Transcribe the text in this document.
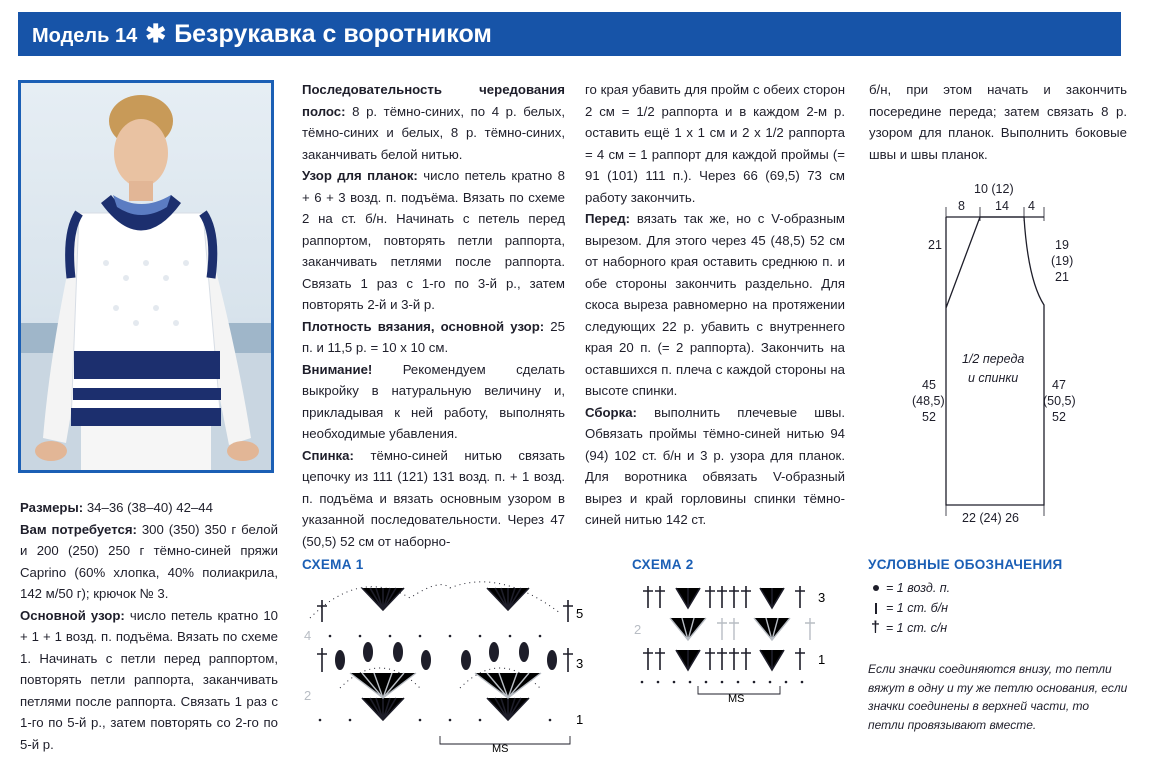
Модель 14 ✱ Безрукавка с воротником

Размеры: 34–36 (38–40) 42–44

Вам потребуется: 300 (350) 350 г белой и 200 (250) 250 г тёмно-синей пряжи Caprino (60% хлопка, 40% полиакрила, 142 м/50 г); крючок № 3.

Основной узор: число петель кратно 10 + 1 + 1 возд. п. подъёма. Вязать по схеме 1. Начинать с петли перед раппортом, повторять петли раппорта, заканчивать петлями после раппорта. Связать 1 раз с 1-го по 5-й р., затем повторять со 2-го по 5-й р.

Последовательность чередования полос: 8 р. тёмно-синих, по 4 р. белых, тёмно-синих и белых, 8 р. тёмно-синих, заканчивать белой нитью.

Узор для планок: число петель кратно 8 + 6 + 3 возд. п. подъёма. Вязать по схеме 2 на ст. б/н. Начинать с петель перед раппортом, повторять петли раппорта, заканчивать петлями после раппорта. Связать 1 раз с 1-го по 3-й р., затем повторять 2-й и 3-й р.

Плотность вязания, основной узор: 25 п. и 11,5 р. = 10 х 10 см.

Внимание! Рекомендуем сделать выкройку в натуральную величину и, прикладывая к ней работу, выполнять необходимые убавления.

Спинка: тёмно-синей нитью связать цепочку из 111 (121) 131 возд. п. + 1 возд. п. подъёма и вязать основным узором в указанной последовательности. Через 47 (50,5) 52 см от наборно-

го края убавить для пройм с обеих сторон 2 см = 1/2 раппорта и в каждом 2-м р. оставить ещё 1 х 1 см и 2 х 1/2 раппорта = 4 см = 1 раппорт для каждой проймы (= 91 (101) 111 п.). Через 66 (69,5) 73 см работу закончить.

Перед: вязать так же, но с V-образным вырезом. Для этого через 45 (48,5) 52 см от наборного края оставить среднюю п. и обе стороны закончить раздельно. Для скоса выреза равномерно на протяжении следующих 22 р. убавить с внутреннего края 20 п. (= 2 раппорта). Закончить на оставшихся п. плеча с каждой стороны на высоте спинки.

Сборка: выполнить плечевые швы. Обвязать проймы тёмно-синей нитью 94 (94) 102 ст. б/н и 3 р. узора для планок. Для воротника обвязать V-образный вырез и край горловины спинки тёмно-синей нитью 142 ст.

б/н, при этом начать и закончить посередине переда; затем связать 8 р. узором для планок. Выполнить боковые швы и швы планок.

10 (12)
8 14 4
21	19
(19)
21
1/2 переда
и спинки
45
(48,5)
52
47
(50,5)
52
22 (24) 26
СХЕМА 1
5
4
3
2
1
MS
СХЕМА 2
3
2
1
MS
УСЛОВНЫЕ ОБОЗНАЧЕНИЯ
= 1 возд. п.
= 1 ст. б/н
† = 1 ст. с/н
Если значки соединяются внизу, то петли вяжут в одну и ту же петлю основания, если значки соединены в верхней части, то петли провязывают вместе.
